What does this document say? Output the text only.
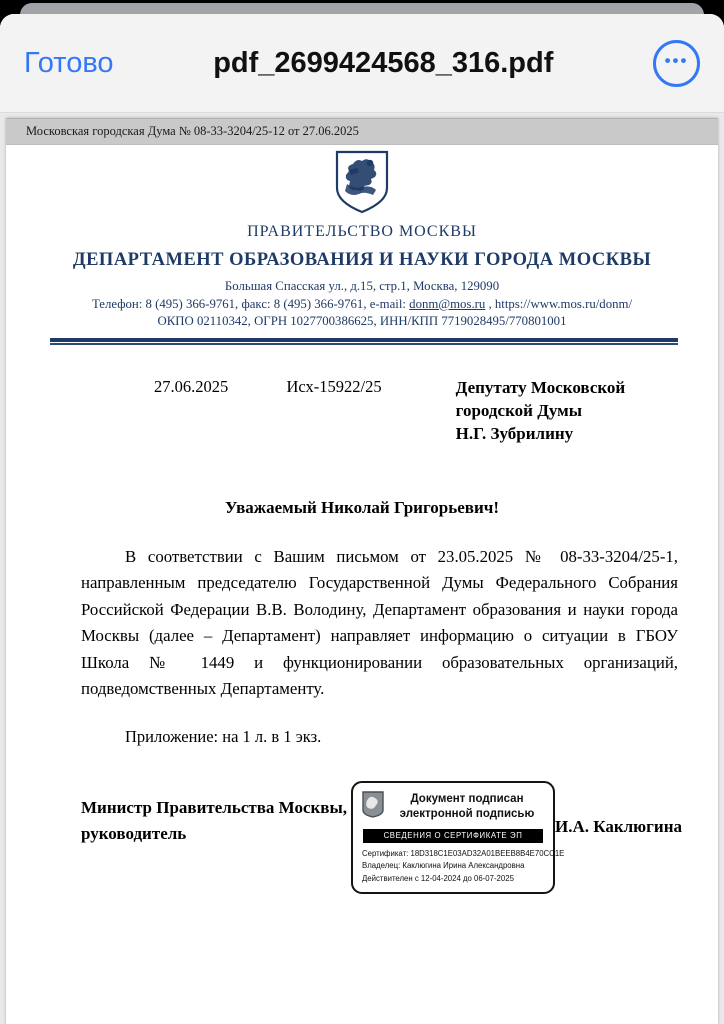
Готово	pdf_2699424568_316.pdf	•••
Московская городская Дума № 08-33-3204/25-12 от 27.06.2025
ПРАВИТЕЛЬСТВО МОСКВЫ
ДЕПАРТАМЕНТ ОБРАЗОВАНИЯ И НАУКИ ГОРОДА МОСКВЫ
Большая Спасская ул., д.15, стр.1, Москва, 129090
Телефон: 8 (495) 366-9761, факс: 8 (495) 366-9761, e-mail: donm@mos.ru , https://www.mos.ru/donm/
ОКПО 02110342, ОГРН 1027700386625, ИНН/КПП 7719028495/770801001
27.06.2025	Исх-15922/25	Депутату Московской
городской Думы
Н.Г. Зубрилину
Уважаемый Николай Григорьевич!

В соответствии с Вашим письмом от 23.05.2025 № 08-33-3204/25-1, направленным председателю Государственной Думы Федерального Собрания Российской Федерации В.В. Володину, Департамент образования и науки города Москвы (далее – Департамент) направляет информацию о ситуации в ГБОУ Школа № 1449 и функционировании образовательных организаций, подведомственных Департаменту.

Приложение: на 1 л. в 1 экз.
Министр Правительства Москвы,
руководитель
Документ подписан
электронной подписью
СВЕДЕНИЯ О СЕРТИФИКАТЕ ЭП
Сертификат: 18D318C1E03AD32A01BEEB8B4E70CC1E
Владелец: Каклюгина Ирина Александровна
Действителен с 12-04-2024 до 06-07-2025
И.А. Каклюгина
